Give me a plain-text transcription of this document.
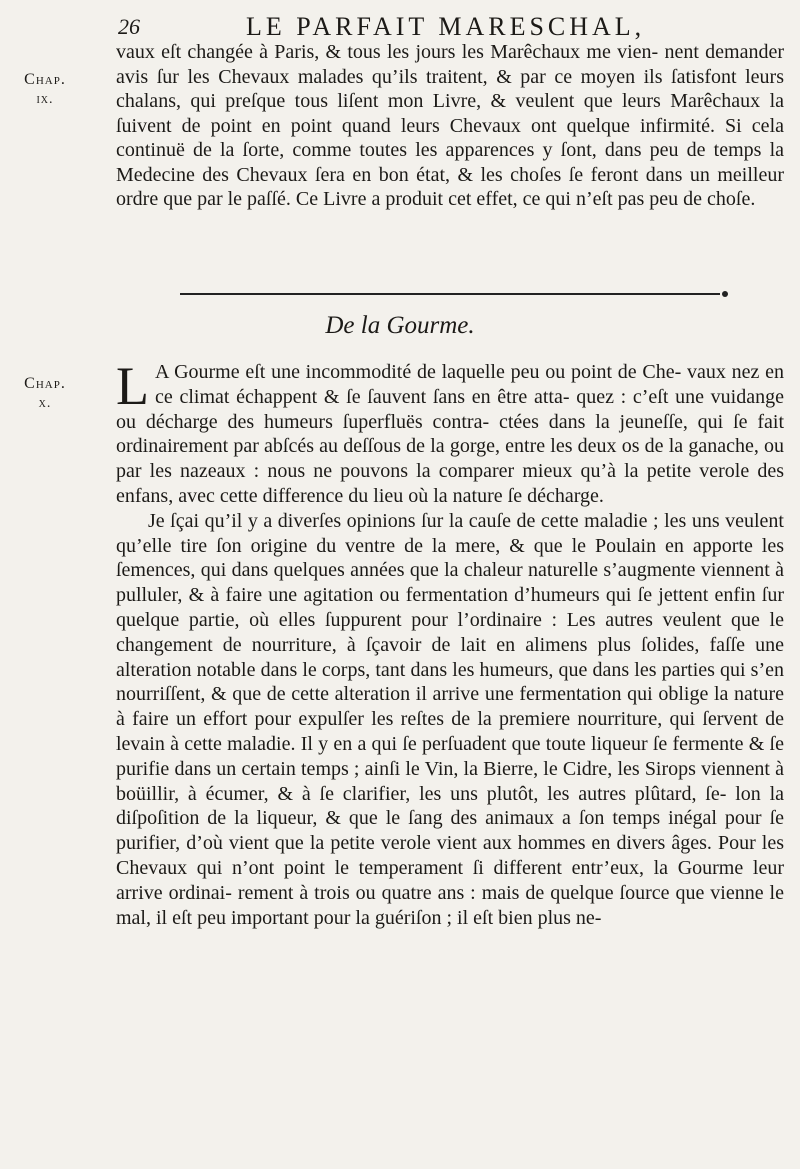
26	LE PARFAIT MARESCHAL,
Chap.
ix.
vaux eſt changée à Paris, & tous les jours les Marêchaux me vien- nent demander avis ſur les Chevaux malades qu’ils traitent, & par ce moyen ils ſatisfont leurs chalans, qui preſque tous liſent mon Livre, & veulent que leurs Marêchaux la ſuivent de point en point quand leurs Chevaux ont quelque infirmité. Si cela continuë de la ſorte, comme toutes les apparences y ſont, dans peu de temps la Medecine des Chevaux ſera en bon état, & les choſes ſe feront dans un meilleur ordre que par le paſſé. Ce Livre a produit cet effet, ce qui n’eſt pas peu de choſe.
De la Gourme.
Chap.
x.	L A Gourme eſt une incommodité de laquelle peu ou point de Che- vaux nez en ce climat échappent & ſe ſauvent ſans en être atta- quez : c’eſt une vuidange ou décharge des humeurs ſuperfluës contra- ctées dans la jeuneſſe, qui ſe fait ordinairement par abſcés au deſſous de la gorge, entre les deux os de la ganache, ou par les nazeaux : nous ne pouvons la comparer mieux qu’à la petite verole des enfans, avec cette difference du lieu où la nature ſe décharge.

Je ſçai qu’il y a diverſes opinions ſur la cauſe de cette maladie ; les uns veulent qu’elle tire ſon origine du ventre de la mere, & que le Poulain en apporte les ſemences, qui dans quelques années que la chaleur naturelle s’augmente viennent à pulluler, & à faire une agitation ou fermentation d’humeurs qui ſe jettent enfin ſur quelque partie, où elles ſuppurent pour l’ordinaire : Les autres veulent que le changement de nourriture, à ſçavoir de lait en alimens plus ſolides, faſſe une alteration notable dans le corps, tant dans les humeurs, que dans les parties qui s’en nourriſſent, & que de cette alteration il arrive une fermentation qui oblige la nature à faire un effort pour expulſer les reſtes de la premiere nourriture, qui ſervent de levain à cette maladie. Il y en a qui ſe perſuadent que toute liqueur ſe fermente & ſe purifie dans un certain temps ; ainſi le Vin, la Bierre, le Cidre, les Sirops viennent à boüillir, à écumer, & à ſe clarifier, les uns plutôt, les autres plûtard, ſe- lon la diſpoſition de la liqueur, & que le ſang des animaux a ſon temps inégal pour ſe purifier, d’où vient que la petite verole vient aux hommes en divers âges. Pour les Chevaux qui n’ont point le temperament ſi different entr’eux, la Gourme leur arrive ordinai- rement à trois ou quatre ans : mais de quelque ſource que vienne le mal, il eſt peu important pour la guériſon ; il eſt bien plus ne-
